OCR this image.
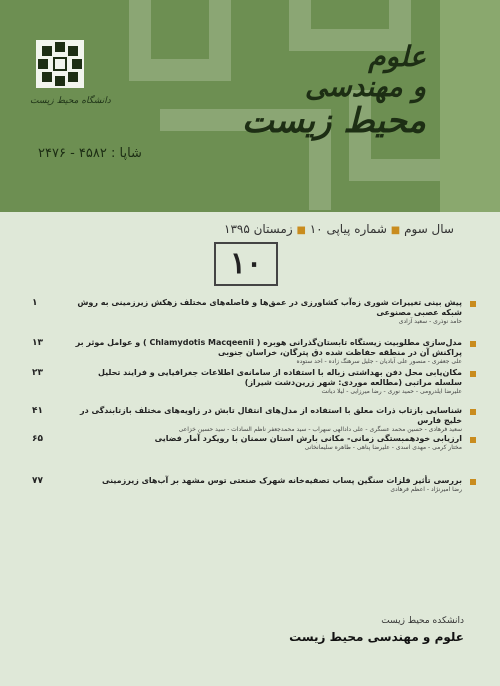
دانشگاه محیط زیست
علوم
و مهندسی
محیط زیست
شاپا : ۴۵۸۲ - ۲۴۷۶
سال سوم ■ شماره پیاپی ۱۰ ■ زمستان ۱۳۹۵
۱۰
پیش بینی تغییرات شوری زه‌آب کشاورزی در عمق‌ها و فاصله‌های مختلف زهکش زیرزمینی به روش شبکه عصبی مصنوعی
حامد نوذری - سعید آزادی
۱
مدل‌سازی مطلوبیت زیستگاه تابستان‌گذرانی هوبره ( Chlamydotis Macqeenii ) و عوامل موثر بر پراکنش آن در منطقه حفاظت شده دق پترگان، خراسان جنوبی
علی جعفری - منصور علی آبادیان - جلیل سرهنگ زاده - احد ستوده
۱۳
مکان‌یابی محل دفن بهداشتی زباله با استفاده از سامانه‌ی اطلاعات جغرافیایی و فرایند تحلیل سلسله مراتبی (مطالعه موردی: شهر زرین‌دشت شیراز)
علیرضا ایلدرومی - حمید نوری - رضا میرزایی - لیلا دیانت
۲۳
شناسایی بازتاب ذرات معلق با استفاده از مدل‌های انتقال تابش در زاویه‌های مختلف بازتابندگی در خلیج فارس
سعید فرهادی - حسین محمد عسگری - علی دادالهی سهراب - سید محمدجعفر ناظم السادات - سید حسین خزاعی
۴۱
ارزیابی خودهمبستگی زمانی- مکانی بارش استان سمنان با رویکرد آمار فضایی
مختار کرمی - مهدی اسدی - علیرضا پناهی - طاهره سلیمانخانی
۶۵
بررسی تأثیر فلزات سنگین پساب تصفیه‌خانه شهرک صنعتی توس مشهد بر آب‌های زیرزمینی
رضا امیرنژاد - اعظم فرهادی
۷۷
دانشکده محیط زیست
علوم و مهندسی محیط زیست
